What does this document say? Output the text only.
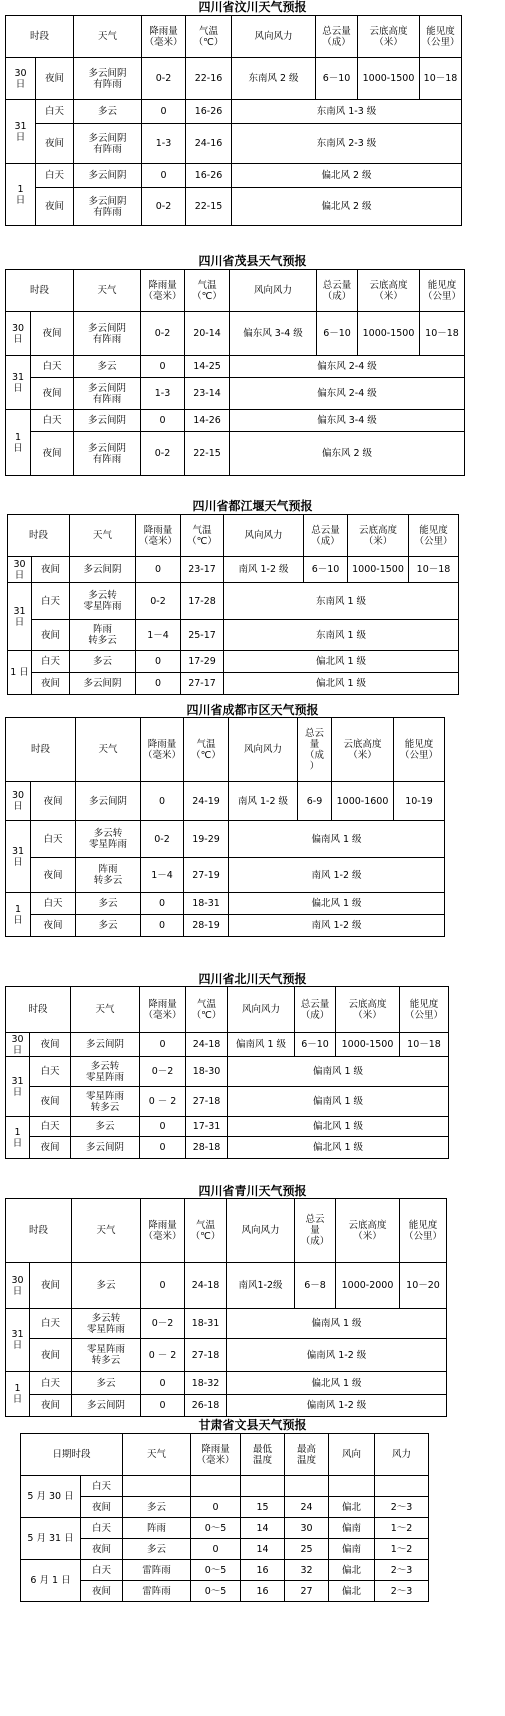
四川省汶川天气预报
时段		天气	降雨量
（毫米）	气温
（℃）	风向风力	总云量
（成）	云底高度
（米）	能见度
（公里）

30
日	夜间	多云间阴
有阵雨	0-2	22-16	东南风 2 级	6－10	1000-1500	10－18

31
日	白天	多云	0	16-26	东南风 1-3 级			
	夜间	多云间阴
有阵雨	1-3	24-16	东南风 2-3 级			

1
日	白天	多云间阴	0	16-26	偏北风 2 级			
	夜间	多云间阴
有阵雨	0-2	22-15	偏北风 2 级			
四川省茂县天气预报
时段		天气	降雨量
（毫米）	气温
（℃）	风向风力	总云量
（成）	云底高度
（米）	能见度
（公里）

30
日	夜间	多云间阴
有阵雨	0-2	20-14	偏东风 3-4 级	6－10	1000-1500	10－18

31
日	白天	多云	0	14-25	偏东风 2-4 级			
	夜间	多云间阴
有阵雨	1-3	23-14	偏东风 2-4 级			

1
日	白天	多云间阴	0	14-26	偏东风 3-4 级			
	夜间	多云间阴
有阵雨	0-2	22-15	偏东风 2 级			
四川省都江堰天气预报
时段		天气	降雨量
（毫米）	气温
（℃）	风向风力	总云量
（成）	云底高度
（米）	能见度
（公里）

30 日	夜间	多云间阴	0	23-17	南风 1-2 级	6－10	1000-1500	10－18

31
日	白天	多云转
零星阵雨	0-2	17-28	东南风 1 级			
	夜间	阵雨
转多云	1－4	25-17	东南风 1 级			

1 日	白天	多云	0	17-29	偏北风 1 级			
	夜间	多云间阴	0	27-17	偏北风 1 级			
四川省成都市区天气预报
时段		天气	降雨量
（毫米）	气温
（℃）	风向风力	总云
量
（成
）	云底高度
（米）	能见度
（公里）

30
日	夜间	多云间阴	0	24-19	南风 1-2 级	6-9	1000-1600	10-19

31
日	白天	多云转
零星阵雨	0-2	19-29	偏南风 1 级			
	夜间	阵雨
转多云	1－4	27-19	南风 1-2 级			

1
日	白天	多云	0	18-31	偏北风 1 级			
	夜间	多云	0	28-19	南风 1-2 级			
四川省北川天气预报
时段		天气	降雨量
（毫米）	气温
（℃）	风向风力	总云量
（成）	云底高度
（米）	能见度
（公里）

30
日	夜间	多云间阴	0	24-18	偏南风 1 级	6－10	1000-1500	10－18

31
日	白天	多云转
零星阵雨	0－2	18-30	偏南风 1 级			
	夜间	零星阵雨
转多云	0 － 2	27-18	偏南风 1 级			

1
日	白天	多云	0	17-31	偏北风 1 级			
	夜间	多云间阴	0	28-18	偏北风 1 级			
四川省青川天气预报
时段		天气	降雨量
（毫米）	气温
（℃）	风向风力	总云
量
（成）	云底高度
（米）	能见度
（公里）

30
日	夜间	多云	0	24-18	南风1-2级	6－8	1000-2000	10－20

31
日	白天	多云转
零星阵雨	0－2	18-31	偏南风 1 级			
	夜间	零星阵雨
转多云	0 － 2	27-18	偏南风 1-2 级			

1
日	白天	多云	0	18-32	偏北风 1 级			
	夜间	多云间阴	0	26-18	偏南风 1-2 级			
甘肃省文县天气预报
日期时段		天气	降雨量
（毫米）	最低
温度	最高
温度	风向	风力

5 月 30 日	白天						
	夜间	多云	0	15	24	偏北	2～3
5 月 31 日	白天	阵雨	0～5	14	30	偏南	1～2
	夜间	多云	0	14	25	偏南	1～2
6 月 1 日	白天	雷阵雨	0～5	16	32	偏北	2～3
	夜间	雷阵雨	0～5	16	27	偏北	2～3
